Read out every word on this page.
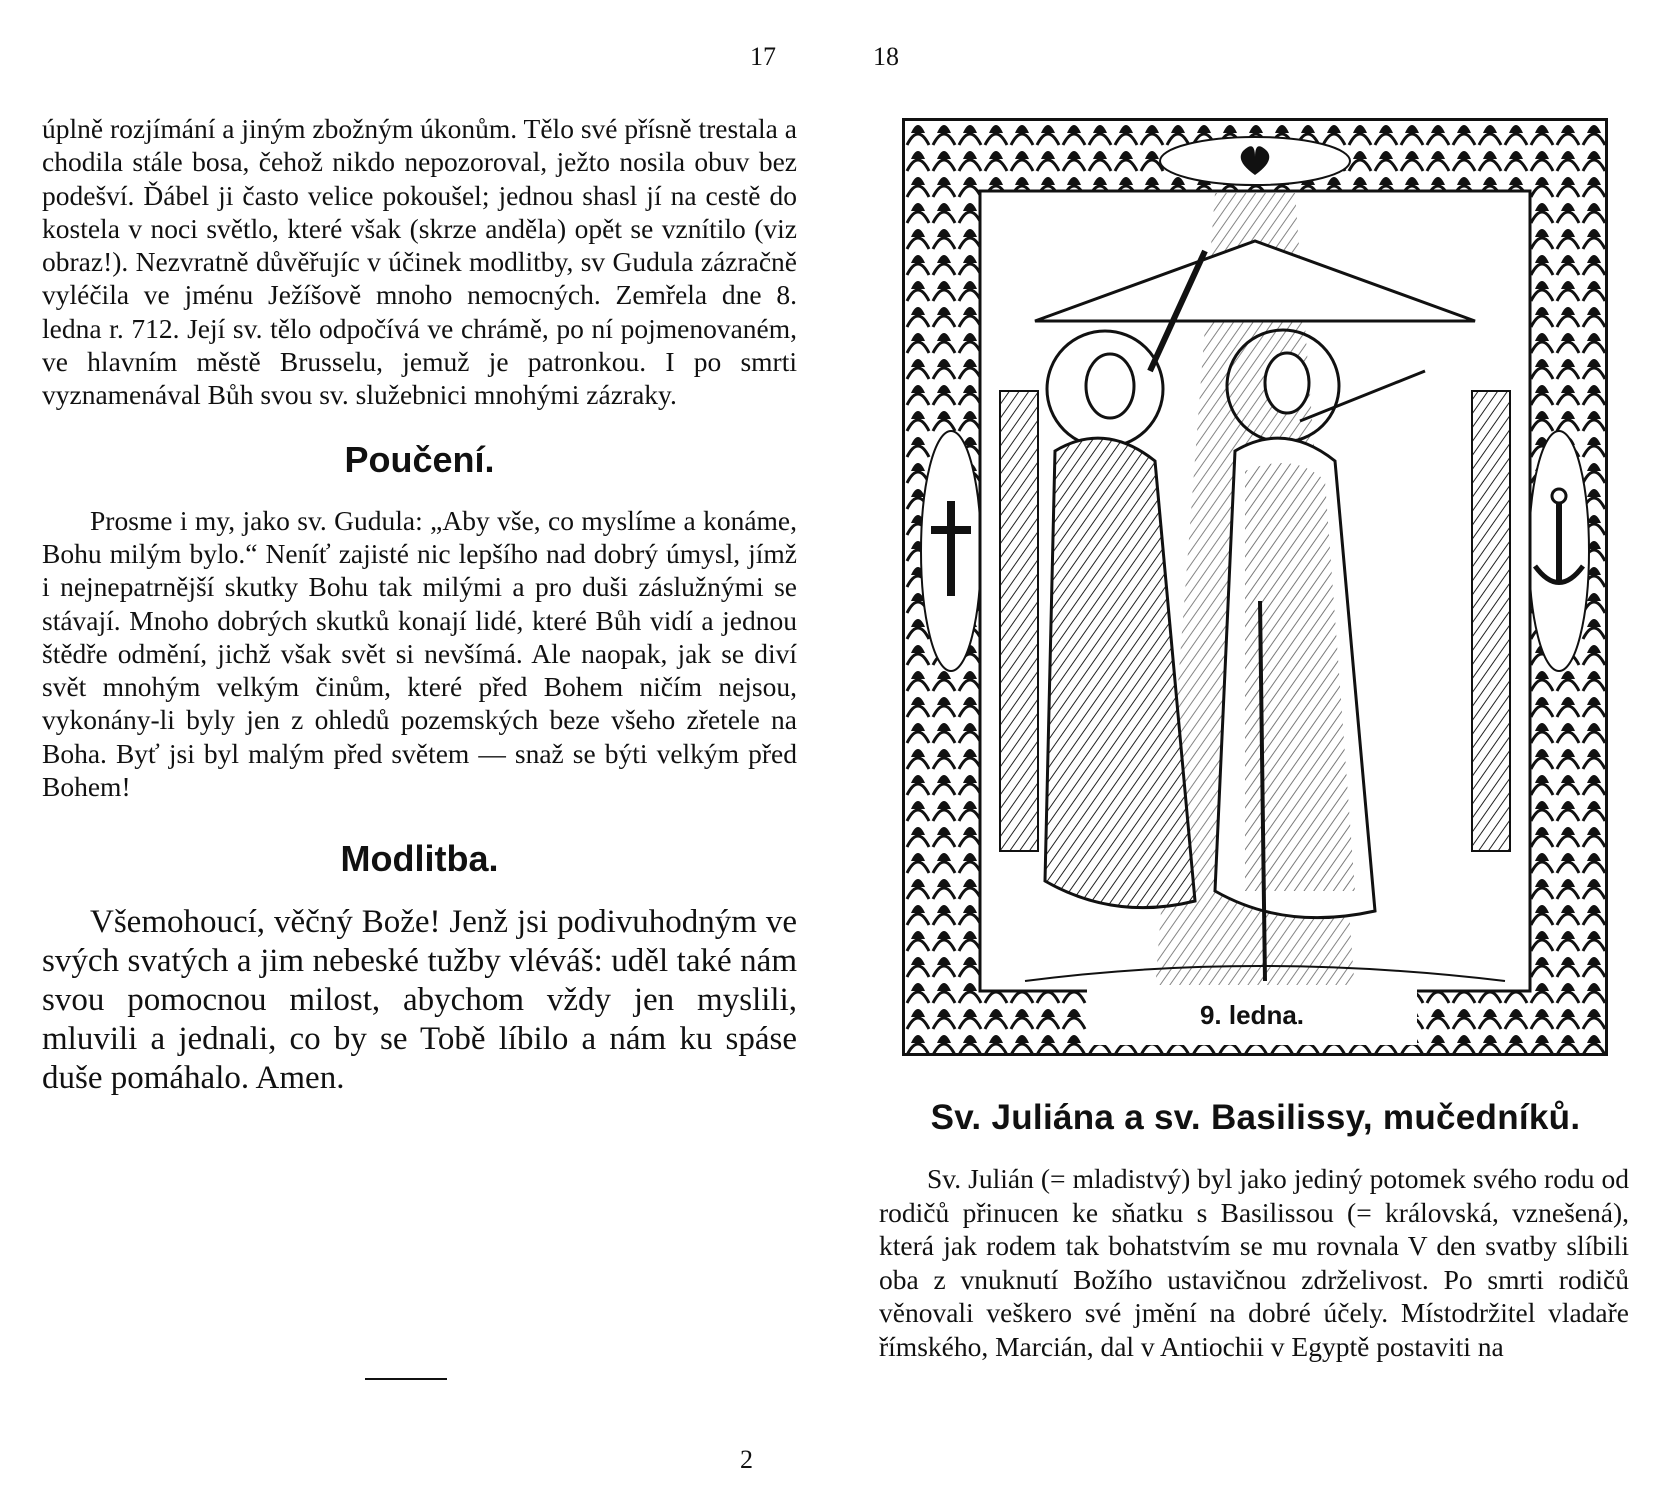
17	18

úplně rozjímání a jiným zbožným úkonům. Tělo své přísně trestala a chodila stále bosa, čehož nikdo nepozoroval, ježto nosila obuv bez podešví. Ďábel ji často velice pokoušel; jednou shasl jí na cestě do kostela v noci světlo, které však (skrze anděla) opět se vznítilo (viz obraz!). Nezvratně důvěřujíc v účinek modlitby, sv Gudula zázračně vyléčila ve jménu Ježíšově mnoho nemocných. Zemřela dne 8. ledna r. 712. Její sv. tělo odpočívá ve chrámě, po ní pojmenovaném, ve hlavním městě Brusselu, jemuž je patronkou. I po smrti vyznamenával Bůh svou sv. služebnici mnohými zázraky.

Poučení.

Prosme i my, jako sv. Gudula: „Aby vše, co myslíme a konáme, Bohu milým bylo.“ Neníť zajisté nic lepšího nad dobrý úmysl, jímž i nejnepatrnější skutky Bohu tak milými a pro duši záslužnými se stávají. Mnoho dobrých skutků konají lidé, které Bůh vidí a jednou štědře odmění, jichž však svět si nevšímá. Ale naopak, jak se diví svět mnohým velkým činům, které před Bohem ničím nejsou, vykonány-li byly jen z ohledů pozemských beze všeho zřetele na Boha. Byť jsi byl malým před světem — snaž se býti velkým před Bohem!

Modlitba.

Všemohoucí, věčný Bože! Jenž jsi podivuhodným ve svých svatých a jim nebeské tužby vléváš: uděl také nám svou pomocnou milost, abychom vždy jen myslili, mluvili a jednali, co by se Tobě líbilo a nám ku spáse duše pomáhalo. Amen.

9. ledna.
Sv. Juliána a sv. Basilissy, mučedníků.

Sv. Julián (= mladistvý) byl jako jediný potomek svého rodu od rodičů přinucen ke sňatku s Basilissou (= královská, vznešená), která jak rodem tak bohatstvím se mu rovnala V den svatby slíbili oba z vnuknutí Božího ustavičnou zdrželivost. Po smrti rodičů věnovali veškero své jmění na dobré účely. Místodržitel vladaře římského, Marcián, dal v Antiochii v Egyptě postaviti na

2
